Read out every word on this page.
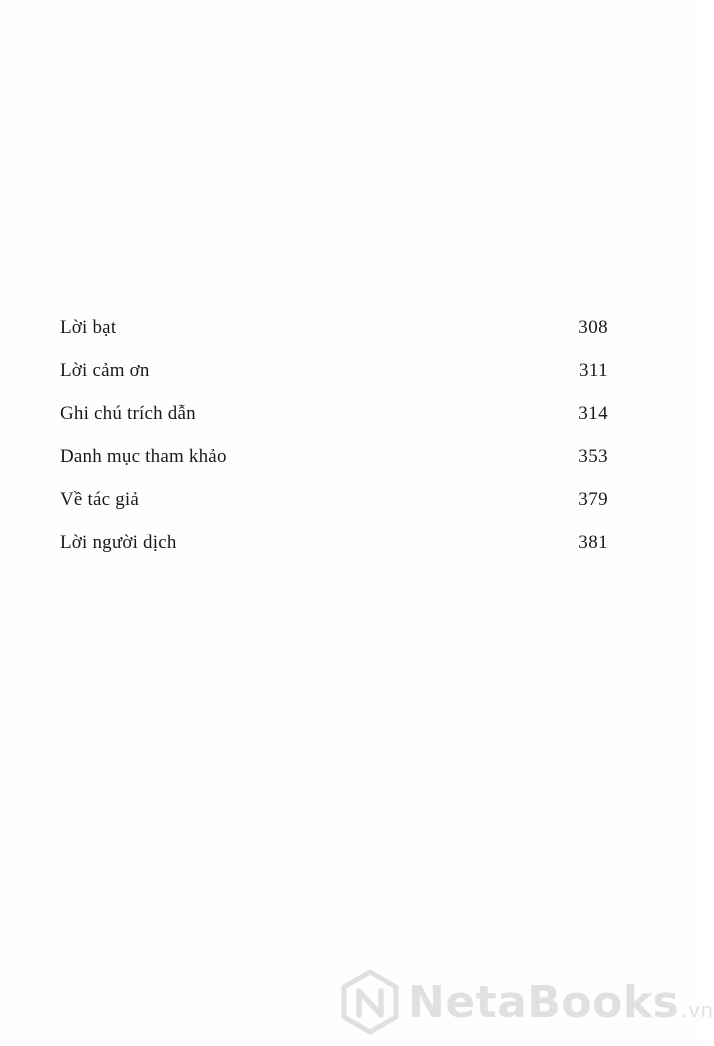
Lời bạt	308
Lời cảm ơn	311
Ghi chú trích dẫn	314
Danh mục tham khảo	353
Về tác giả	379
Lời người dịch	381
NetaBooks .vn
